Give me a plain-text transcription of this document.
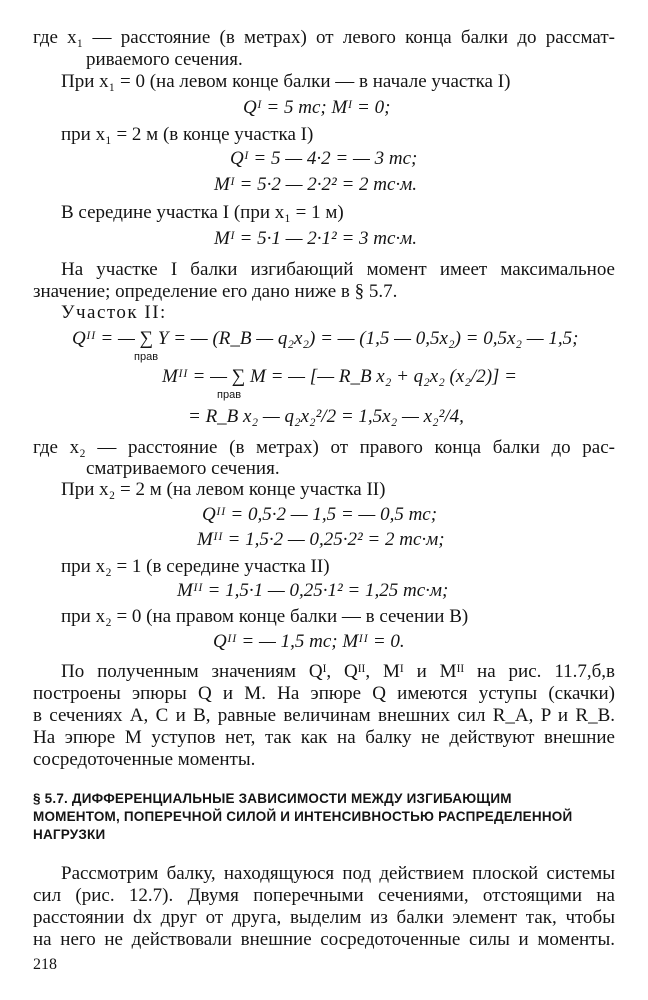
где x₁ — расстояние (в метрах) от левого конца балки до рассмат-
риваемого сечения.
При x₁ = 0 (на левом конце балки — в начале участка I)
Qᴵ = 5 тс; Mᴵ = 0;
при x₁ = 2 м (в конце участка I)
Qᴵ = 5 — 4·2 = — 3 тс;
Mᴵ = 5·2 — 2·2² = 2 тс·м.
В середине участка I (при x₁ = 1 м)
Mᴵ = 5·1 — 2·1² = 3 тс·м.
На участке I балки изгибающий момент имеет максимальное
значение; определение его дано ниже в § 5.7.
Участок II:
Qᴵᴵ = — ∑ Y = — (R_B — q₂x₂) = — (1,5 — 0,5x₂) = 0,5x₂ — 1,5;
прав
Mᴵᴵ = — ∑ M = — [— R_B x₂ + q₂x₂ (x₂/2)] =
прав
= R_B x₂ — q₂x₂²/2 = 1,5x₂ — x₂²/4,
где x₂ — расстояние (в метрах) от правого конца балки до рас-
сматриваемого сечения.
При x₂ = 2 м (на левом конце участка II)
Qᴵᴵ = 0,5·2 — 1,5 = — 0,5 тс;
Mᴵᴵ = 1,5·2 — 0,25·2² = 2 тс·м;
при x₂ = 1 (в середине участка II)
Mᴵᴵ = 1,5·1 — 0,25·1² = 1,25 тс·м;
при x₂ = 0 (на правом конце балки — в сечении B)
Qᴵᴵ = — 1,5 тс; Mᴵᴵ = 0.
По полученным значениям Qᴵ, Qᴵᴵ, Mᴵ и Mᴵᴵ на рис. 11.7,б,в
построены эпюры Q и M. На эпюре Q имеются уступы (скачки)
в сечениях A, C и B, равные величинам внешних сил R_A, P и R_B.
На эпюре M уступов нет, так как на балку не действуют внешние
сосредоточенные моменты.
§ 5.7. ДИФФЕРЕНЦИАЛЬНЫЕ ЗАВИСИМОСТИ МЕЖДУ ИЗГИБАЮЩИМ
МОМЕНТОМ, ПОПЕРЕЧНОЙ СИЛОЙ И ИНТЕНСИВНОСТЬЮ РАСПРЕДЕЛЕННОЙ
НАГРУЗКИ
Рассмотрим балку, находящуюся под действием плоской системы
сил (рис. 12.7). Двумя поперечными сечениями, отстоящими на
расстоянии dx друг от друга, выделим из балки элемент так, чтобы
на него не действовали внешние сосредоточенные силы и моменты.
218
